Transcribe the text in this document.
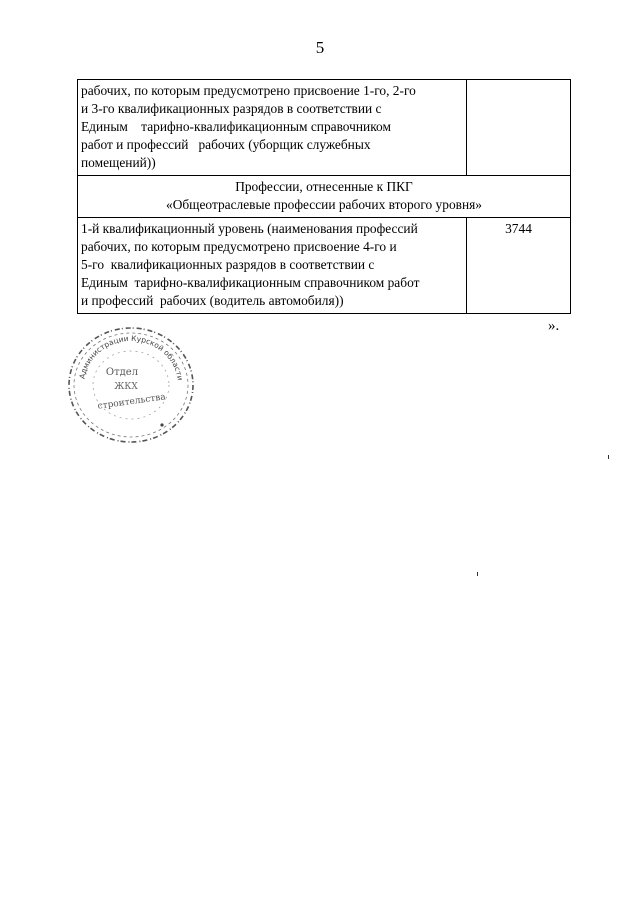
5
рабочих, по которым предусмотрено присвоение 1-го, 2-го
и 3-го квалификационных разрядов в соответствии с
Единым    тарифно-квалификационным справочником
работ и профессий   рабочих (уборщик служебных
помещений))	

Профессии, отнесенные к ПКГ
«Общеотраслевые профессии рабочих второго уровня»	

1-й квалификационный уровень (наименования профессий
рабочих, по которым предусмотрено присвоение 4-го и
5-го  квалификационных разрядов в соответствии с
Единым  тарифно-квалификационным справочником работ
и профессий  рабочих (водитель автомобиля))	3744
».
Администрации Курской области
Отдел
ЖКХ
строительства
